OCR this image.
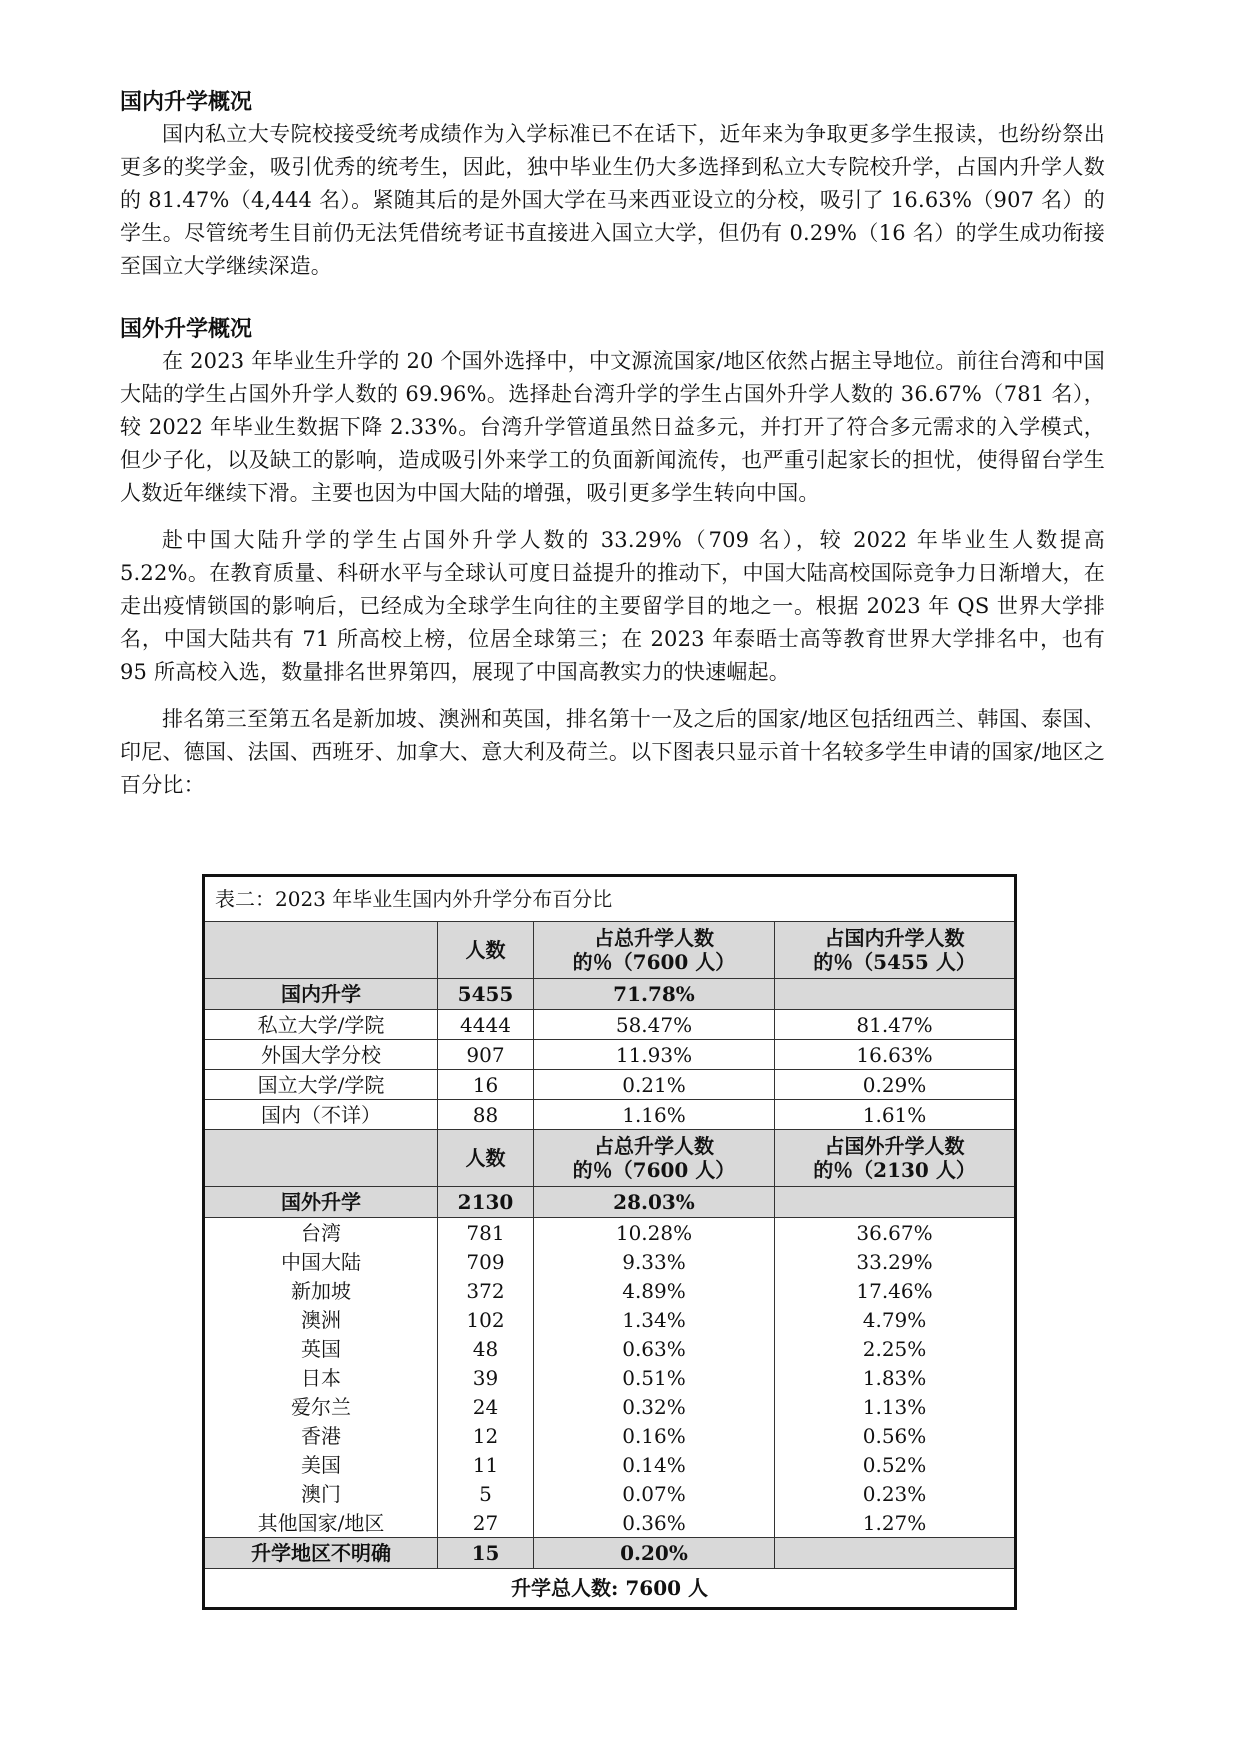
国内升学概况

国内私立大专院校接受统考成绩作为入学标准已不在话下，近年来为争取更多学生报读，也纷纷祭出更多的奖学金，吸引优秀的统考生，因此，独中毕业生仍大多选择到私立大专院校升学，占国内升学人数的 81.47%（4,444 名）。紧随其后的是外国大学在马来西亚设立的分校，吸引了 16.63%（907 名）的学生。尽管统考生目前仍无法凭借统考证书直接进入国立大学，但仍有 0.29%（16 名）的学生成功衔接至国立大学继续深造。

国外升学概况

在 2023 年毕业生升学的 20 个国外选择中，中文源流国家/地区依然占据主导地位。前往台湾和中国大陆的学生占国外升学人数的 69.96%。选择赴台湾升学的学生占国外升学人数的 36.67%（781 名），较 2022 年毕业生数据下降 2.33%。台湾升学管道虽然日益多元，并打开了符合多元需求的入学模式，但少子化，以及缺工的影响，造成吸引外来学工的负面新闻流传，也严重引起家长的担忧，使得留台学生人数近年继续下滑。主要也因为中国大陆的增强，吸引更多学生转向中国。

赴中国大陆升学的学生占国外升学人数的 33.29%（709 名），较 2022 年毕业生人数提高 5.22%。在教育质量、科研水平与全球认可度日益提升的推动下，中国大陆高校国际竞争力日渐增大，在走出疫情锁国的影响后，已经成为全球学生向往的主要留学目的地之一。根据 2023 年 QS 世界大学排名，中国大陆共有 71 所高校上榜，位居全球第三；在 2023 年泰晤士高等教育世界大学排名中，也有 95 所高校入选，数量排名世界第四，展现了中国高教实力的快速崛起。

排名第三至第五名是新加坡、澳洲和英国，排名第十一及之后的国家/地区包括纽西兰、韩国、泰国、印尼、德国、法国、西班牙、加拿大、意大利及荷兰。以下图表只显示首十名较多学生申请的国家/地区之百分比：

表二：2023 年毕业生国内外升学分布百分比			
	人数	占总升学人数的％（7600 人）	占国内升学人数的％（5455 人）
国内升学	5455	71.78%	
私立大学/学院	4444	58.47%	81.47%
外国大学分校	907	11.93%	16.63%
国立大学/学院	16	0.21%	0.29%
国内（不详）	88	1.16%	1.61%
	人数	占总升学人数的％（7600 人）	占国外升学人数的％（2130 人）
国外升学	2130	28.03%	
台湾	781	10.28%	36.67%
中国大陆	709	9.33%	33.29%
新加坡	372	4.89%	17.46%
澳洲	102	1.34%	4.79%
英国	48	0.63%	2.25%
日本	39	0.51%	1.83%
爱尔兰	24	0.32%	1.13%
香港	12	0.16%	0.56%
美国	11	0.14%	0.52%
澳门	5	0.07%	0.23%
其他国家/地区	27	0.36%	1.27%
升学地区不明确	15	0.20%	
升学总人数: 7600 人			
